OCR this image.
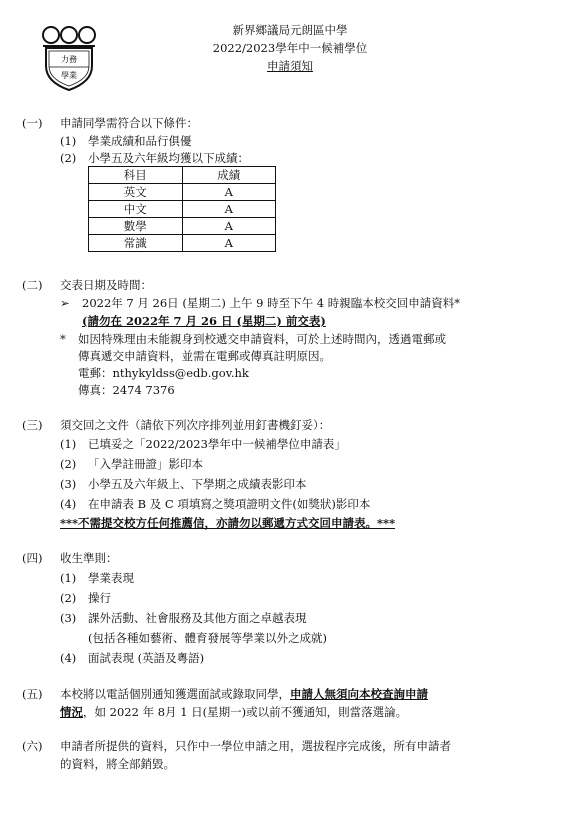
力務
學業
新界鄉議局元朗區中學
2022/2023學年中一候補學位
申請須知
(一) 申請同學需符合以下條件：
(1) 學業成績和品行俱優
(2) 小學五及六年級均獲以下成績：
科目	成績
英文	A
中文	A
數學	A
常識	A
(二) 交表日期及時間：
➢ 2022年 7 月 26日 (星期二) 上午 9 時至下午 4 時親臨本校交回申請資料*
(請勿在 2022年 7 月 26 日 (星期二) 前交表)
* 如因特殊理由未能親身到校遞交申請資料，可於上述時間內，透過電郵或
傳真遞交申請資料，並需在電郵或傳真註明原因。
電郵：nthykyldss@edb.gov.hk
傳真：2474 7376
(三) 須交回之文件（請依下列次序排列並用釘書機釘妥）：
(1) 已填妥之「2022/2023學年中一候補學位申請表」
(2) 「入學註冊證」影印本
(3) 小學五及六年級上、下學期之成績表影印本
(4) 在申請表 B 及 C 項填寫之獎項證明文件(如獎狀)影印本
***不需提交校方任何推薦信，亦請勿以郵遞方式交回申請表。***
(四) 收生準則：
(1) 學業表現
(2) 操行
(3) 課外活動、社會服務及其他方面之卓越表現
(包括各種如藝術、體育發展等學業以外之成就)
(4) 面試表現 (英語及粵語)
(五) 本校將以電話個別通知獲選面試或錄取同學，申請人無須向本校查詢申請
情況，如 2022 年 8月 1 日(星期一)或以前不獲通知，則當落選論。
(六) 申請者所提供的資料，只作中一學位申請之用，選拔程序完成後，所有申請者
的資料，將全部銷毀。
